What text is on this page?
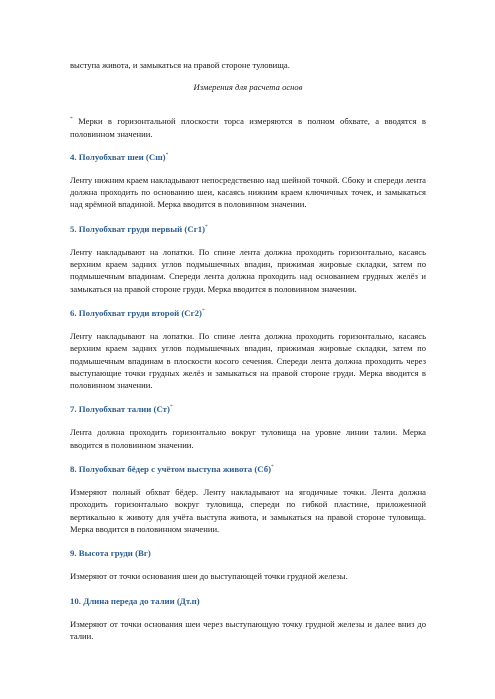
выступа живота, и замыкаться на правой стороне туловища.

Измерения для расчета основ

* Мерки в горизонтальной плоскости торса измеряются в полном обхвате, а вводятся в половинном значении.

4. Полуобхват шеи (Сш)*

Ленту нижним краем накладывают непосредственно над шейной точкой. Сбоку и спереди лента должна проходить по основанию шеи, касаясь нижним краем ключичных точек, и замыкаться над ярёмной впадиной. Мерка вводится в половинном значении.

5. Полуобхват груди первый (Сг1)*

Ленту накладывают на лопатки. По спине лента должна проходить горизонтально, касаясь верхним краем задних углов подмышечных впадин, прижимая жировые складки, затем по подмышечным впадинам. Спереди лента должна проходить над основанием грудных желёз и замыкаться на правой стороне груди. Мерка вводится в половинном значении.

6. Полуобхват груди второй (Сг2)*

Ленту накладывают на лопатки. По спине лента должна проходить горизонтально, касаясь верхним краем задних углов подмышечных впадин, прижимая жировые складки, затем по подмышечным впадинам в плоскости косого сечения. Спереди лента должна проходить через выступающие точки грудных желёз и замыкаться на правой стороне груди. Мерка вводится в половинном значении.

7. Полуобхват талии (Ст)*

Лента должна проходить горизонтально вокруг туловища на уровне линии талии. Мерка вводится в половинном значении.

8. Полуобхват бёдер с учётом выступа живота (Сб)*

Измеряют полный обхват бёдер. Ленту накладывают на ягодичные точки. Лента должна проходить горизонтально вокруг туловища, спереди по гибкой пластине, приложенной вертикально к животу для учёта выступа живота, и замыкаться на правой стороне туловища. Мерка вводится в половинном значении.

9. Высота груди (Вг)

Измеряют от точки основания шеи до выступающей точки грудной железы.

10. Длина переда до талии (Дт.п)

Измеряют от точки основания шеи через выступающую точку грудной железы и далее вниз до талии.
